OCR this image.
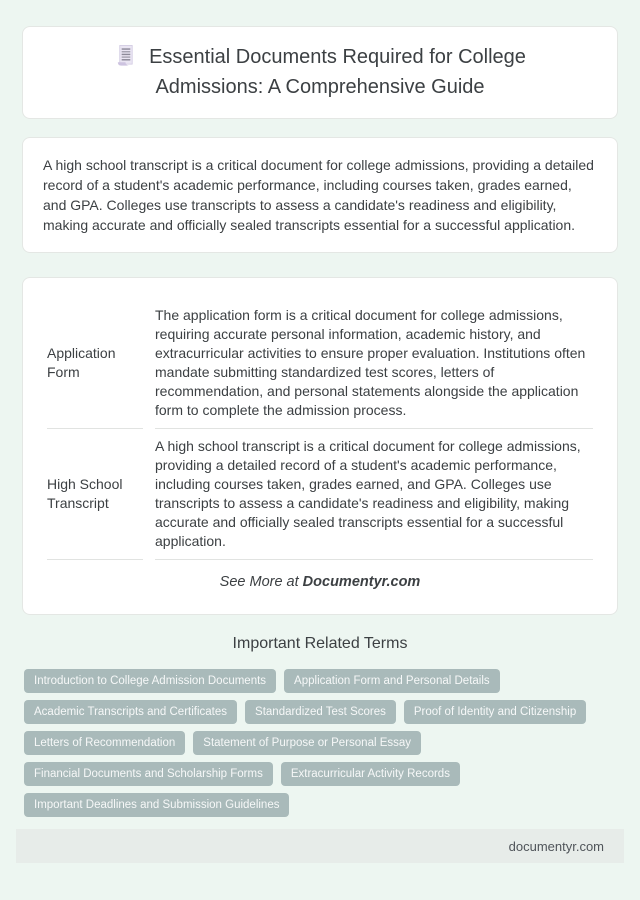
Essential Documents Required for College Admissions: A Comprehensive Guide

A high school transcript is a critical document for college admissions, providing a detailed record of a student's academic performance, including courses taken, grades earned, and GPA. Colleges use transcripts to assess a candidate's readiness and eligibility, making accurate and officially sealed transcripts essential for a successful application.

Application Form	The application form is a critical document for college admissions, requiring accurate personal information, academic history, and extracurricular activities to ensure proper evaluation. Institutions often mandate submitting standardized test scores, letters of recommendation, and personal statements alongside the application form to complete the admission process.
High School Transcript	A high school transcript is a critical document for college admissions, providing a detailed record of a student's academic performance, including courses taken, grades earned, and GPA. Colleges use transcripts to assess a candidate's readiness and eligibility, making accurate and officially sealed transcripts essential for a successful application.
See More at Documentyr.com
Important Related Terms
Introduction to College Admission Documents	Application Form and Personal Details
Academic Transcripts and Certificates	Standardized Test Scores	Proof of Identity and Citizenship
Letters of Recommendation	Statement of Purpose or Personal Essay
Financial Documents and Scholarship Forms	Extracurricular Activity Records
Important Deadlines and Submission Guidelines
documentyr.com
